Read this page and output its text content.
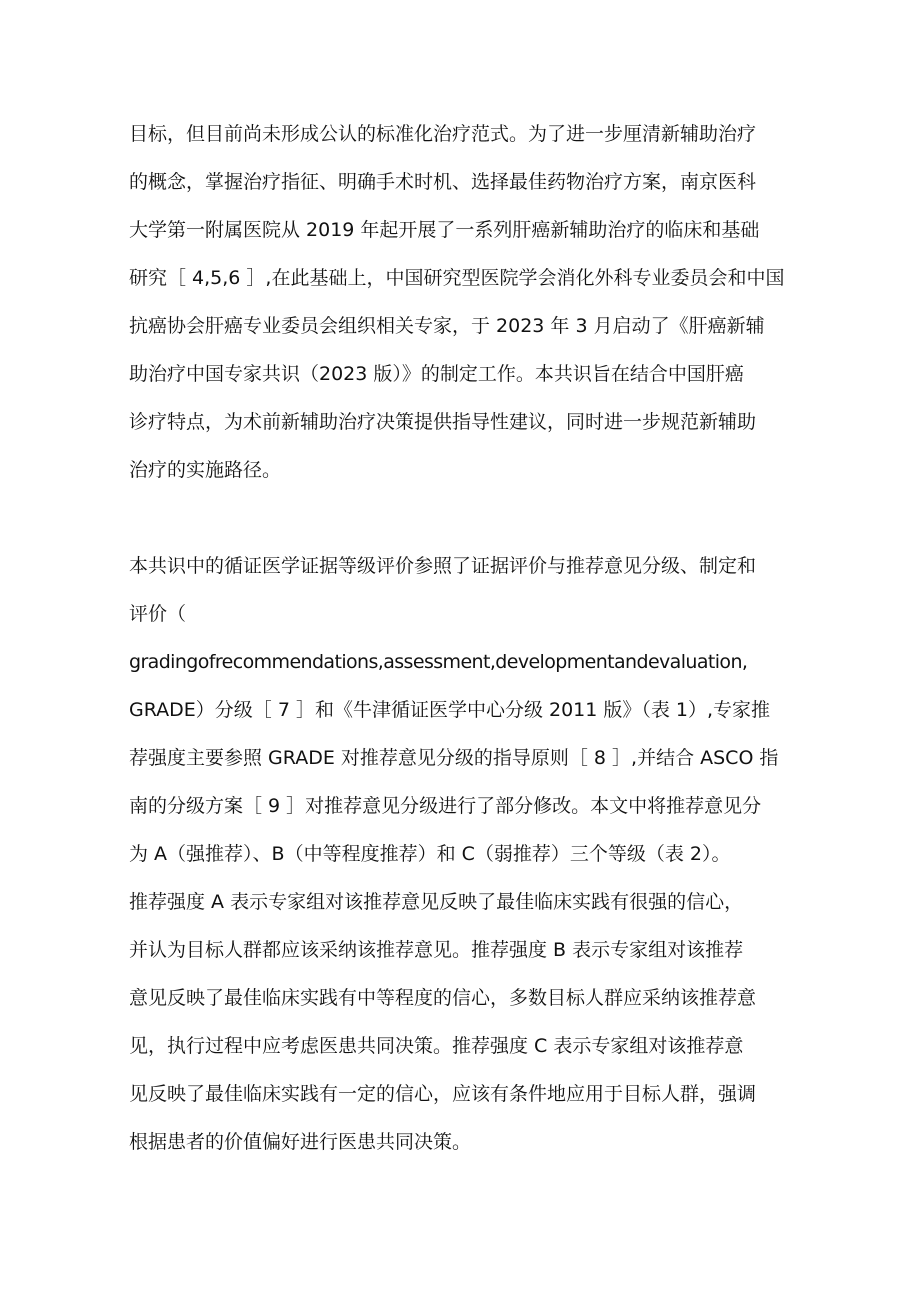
目标，但目前尚未形成公认的标准化治疗范式。为了进一步厘清新辅助治疗
的概念，掌握治疗指征、明确手术时机、选择最佳药物治疗方案，南京医科
大学第一附属医院从 2019 年起开展了一系列肝癌新辅助治疗的临床和基础
研究［ 4,5,6 ］,在此基础上，中国研究型医院学会消化外科专业委员会和中国
抗癌协会肝癌专业委员会组织相关专家，于 2023 年 3 月启动了《肝癌新辅
助治疗中国专家共识（2023 版）》的制定工作。本共识旨在结合中国肝癌
诊疗特点，为术前新辅助治疗决策提供指导性建议，同时进一步规范新辅助
治疗的实施路径。
本共识中的循证医学证据等级评价参照了证据评价与推荐意见分级、制定和
评价（
gradingofrecommendations,assessment,developmentandevaluation,
GRADE）分级［ 7 ］和《牛津循证医学中心分级 2011 版》（表 1）,专家推
荐强度主要参照 GRADE 对推荐意见分级的指导原则［ 8 ］,并结合 ASCO 指
南的分级方案［ 9 ］对推荐意见分级进行了部分修改。本文中将推荐意见分
为 A（强推荐）、B（中等程度推荐）和 C（弱推荐）三个等级（表 2）。
推荐强度 A 表示专家组对该推荐意见反映了最佳临床实践有很强的信心，
并认为目标人群都应该采纳该推荐意见。推荐强度 B 表示专家组对该推荐
意见反映了最佳临床实践有中等程度的信心，多数目标人群应采纳该推荐意
见，执行过程中应考虑医患共同决策。推荐强度 C 表示专家组对该推荐意
见反映了最佳临床实践有一定的信心，应该有条件地应用于目标人群，强调
根据患者的价值偏好进行医患共同决策。
